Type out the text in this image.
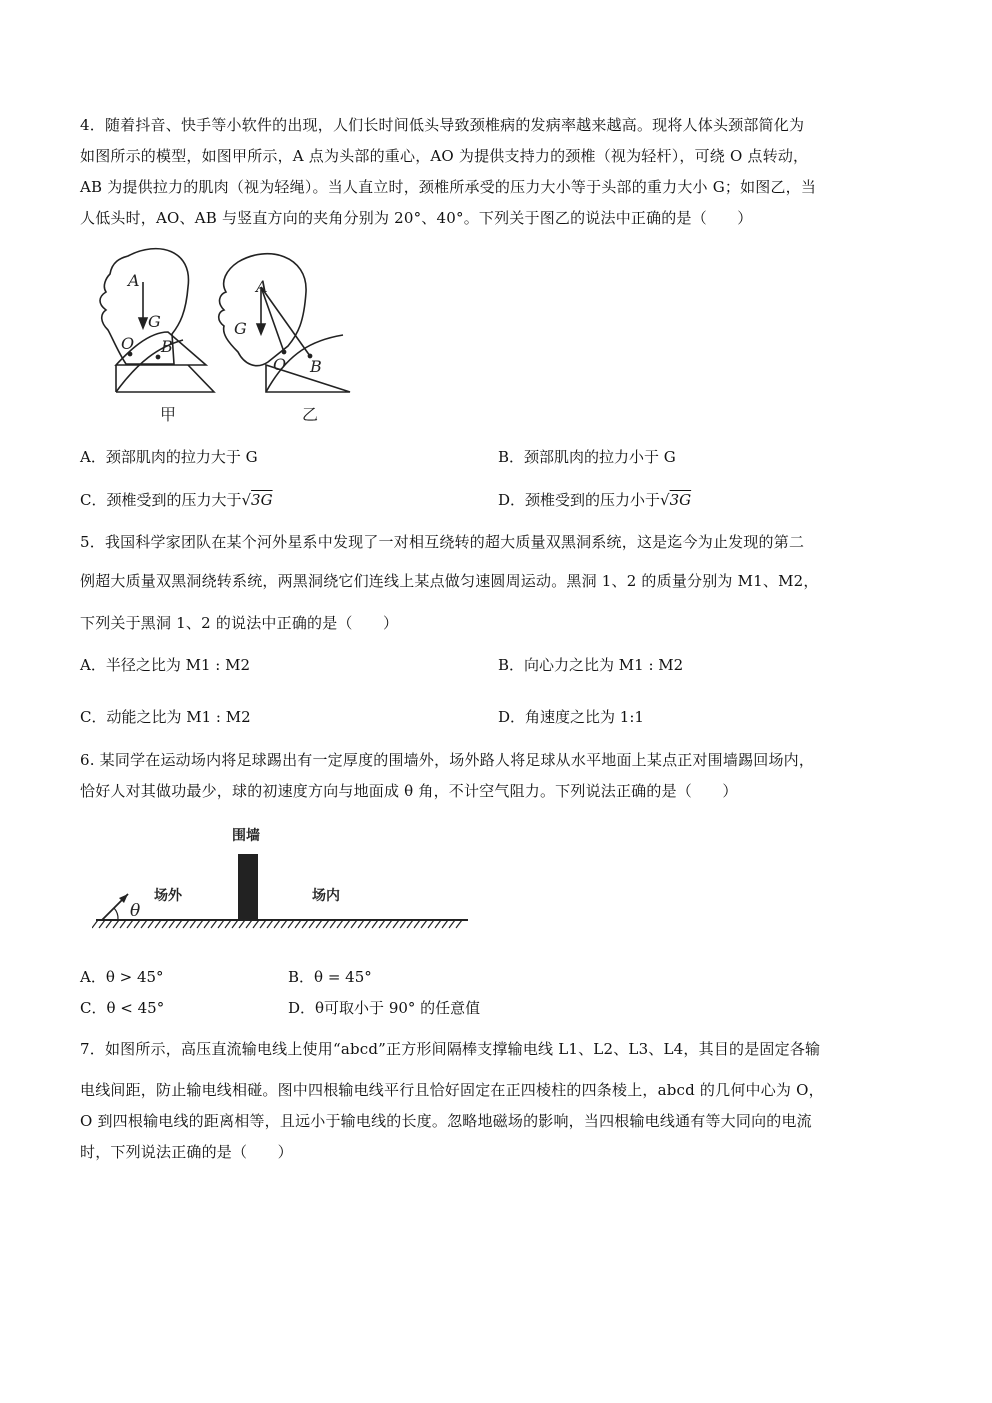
4．随着抖音、快手等小软件的出现，人们长时间低头导致颈椎病的发病率越来越高。现将人体头颈部简化为
如图所示的模型，如图甲所示，A 点为头部的重心，AO 为提供支持力的颈椎（视为轻杆），可绕 O 点转动，
AB 为提供拉力的肌肉（视为轻绳）。当人直立时，颈椎所承受的压力大小等于头部的重力大小 G；如图乙，当
人低头时，AO、AB 与竖直方向的夹角分别为 20°、40°。下列关于图乙的说法中正确的是（　　）
A
G
O B
甲
A
G
O B
乙
A．颈部肌肉的拉力大于 G	B．颈部肌肉的拉力小于 G
C．颈椎受到的压力大于√3G	D．颈椎受到的压力小于√3G
5．我国科学家团队在某个河外星系中发现了一对相互绕转的超大质量双黑洞系统，这是迄今为止发现的第二
例超大质量双黑洞绕转系统，两黑洞绕它们连线上某点做匀速圆周运动。黑洞 1、2 的质量分别为 M1、M2，
下列关于黑洞 1、2 的说法中正确的是（　　）
A．半径之比为 M1 : M2	B．向心力之比为 M1 : M2
C．动能之比为 M1 : M2	D．角速度之比为 1:1
6. 某同学在运动场内将足球踢出有一定厚度的围墙外，场外路人将足球从水平地面上某点正对围墙踢回场内，
恰好人对其做功最少，球的初速度方向与地面成 θ 角，不计空气阻力。下列说法正确的是（　　）
围墙
场外	场内
θ
A．θ > 45°	B．θ = 45°
C．θ < 45°	D．θ可取小于 90° 的任意值
7．如图所示，高压直流输电线上使用“abcd”正方形间隔棒支撑输电线 L1、L2、L3、L4，其目的是固定各输
电线间距，防止输电线相碰。图中四根输电线平行且恰好固定在正四棱柱的四条棱上，abcd 的几何中心为 O，
O 到四根输电线的距离相等，且远小于输电线的长度。忽略地磁场的影响，当四根输电线通有等大同向的电流
时，下列说法正确的是（　　）
